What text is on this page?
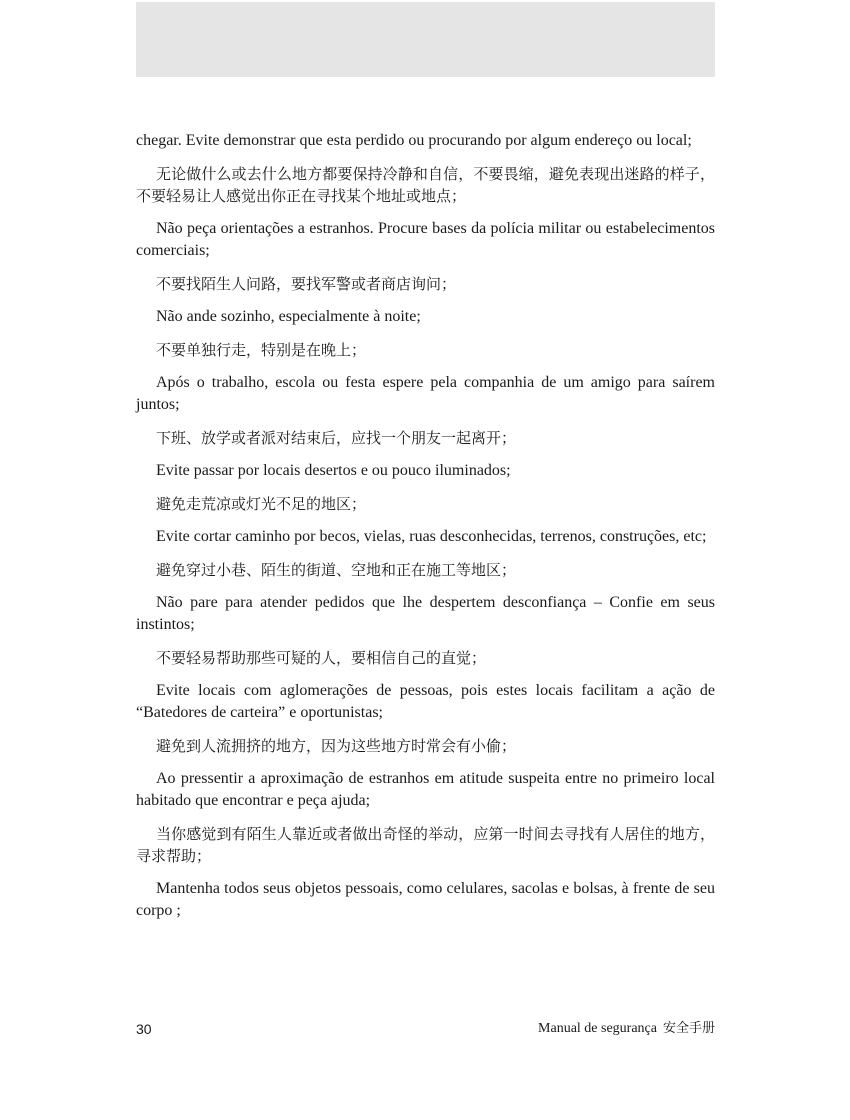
chegar. Evite demonstrar que esta perdido ou procurando por algum endereço ou local;

无论做什么或去什么地方都要保持冷静和自信，不要畏缩，避免表现出迷路的样子，不要轻易让人感觉出你正在寻找某个地址或地点；

Não peça orientações a estranhos. Procure bases da polícia militar ou estabelecimentos comerciais;

不要找陌生人问路，要找军警或者商店询问；

Não ande sozinho, especialmente à noite;

不要单独行走，特别是在晚上；

Após o trabalho, escola ou festa espere pela companhia de um amigo para saírem juntos;

下班、放学或者派对结束后，应找一个朋友一起离开；

Evite passar por locais desertos e ou pouco iluminados;

避免走荒凉或灯光不足的地区；

Evite cortar caminho por becos, vielas, ruas desconhecidas, terrenos, construções, etc;

避免穿过小巷、陌生的街道、空地和正在施工等地区；

Não pare para atender pedidos que lhe despertem desconfiança – Confie em seus instintos;

不要轻易帮助那些可疑的人，要相信自己的直觉；

Evite locais com aglomerações de pessoas, pois estes locais facilitam a ação de “Batedores de carteira” e oportunistas;

避免到人流拥挤的地方，因为这些地方时常会有小偷；

Ao pressentir a aproximação de estranhos em atitude suspeita entre no primeiro local habitado que encontrar e peça ajuda;

当你感觉到有陌生人靠近或者做出奇怪的举动，应第一时间去寻找有人居住的地方，寻求帮助；

Mantenha todos seus objetos pessoais, como celulares, sacolas e bolsas, à frente de seu corpo ;

30	Manual de segurança 安全手册
